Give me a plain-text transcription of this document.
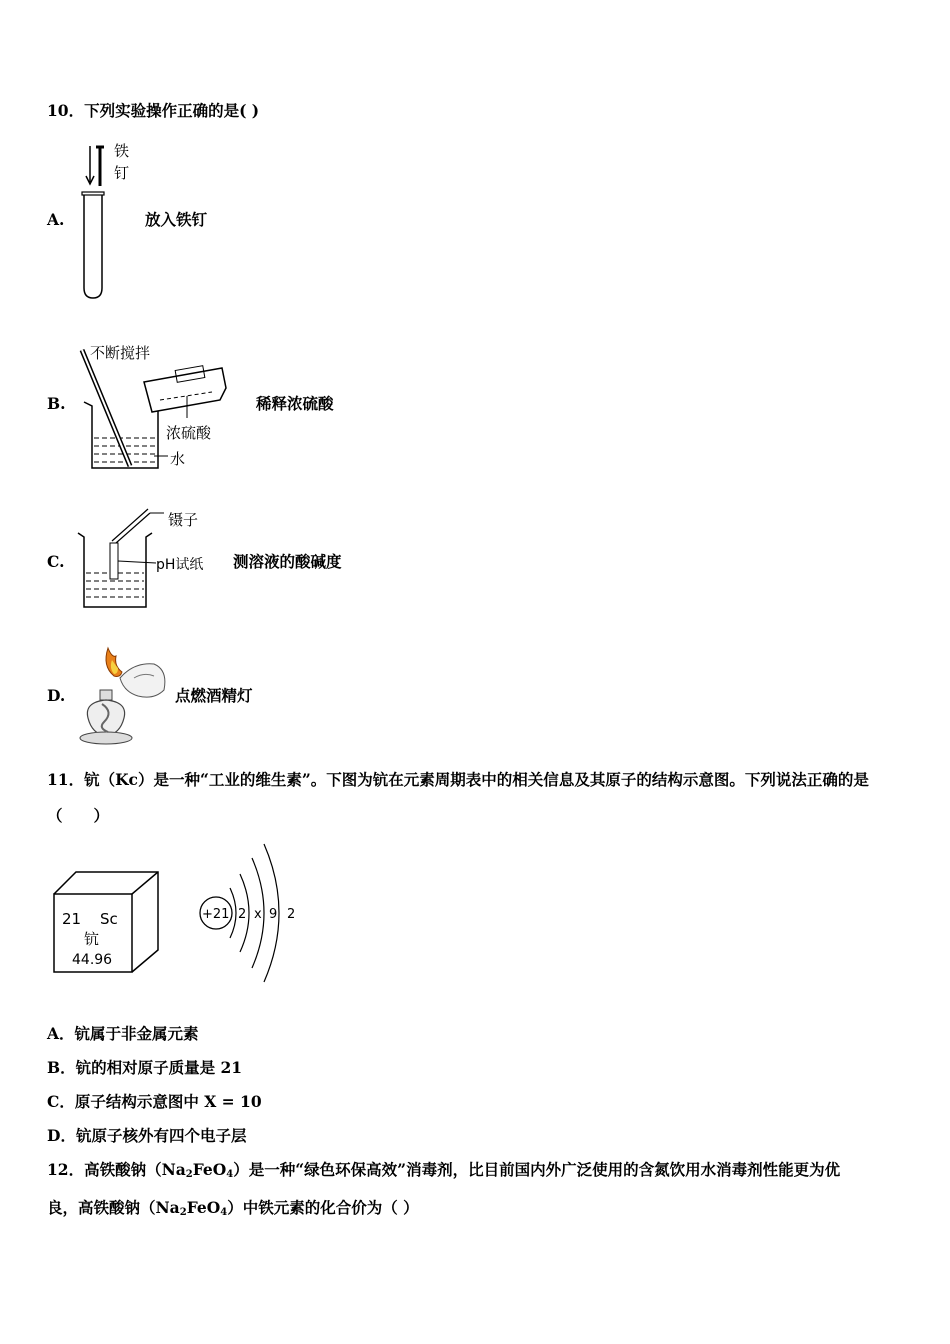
10．下列实验操作正确的是( )
A.
铁
钉
放入铁钉
B.
不断搅拌
浓硫酸
水
稀释浓硫酸
C.
镊子
pH试纸 测溶液的酸碱度
D.	点燃酒精灯
11．钪（Kc）是一种“工业的维生素”。下图为钪在元素周期表中的相关信息及其原子的结构示意图。下列说法正确的是
（　　）
21 Sc
钪
44.96
+21 2 x 9 2
A．钪属于非金属元素
B．钪的相对原子质量是 21
C．原子结构示意图中 X = 10
D．钪原子核外有四个电子层
12．高铁酸钠$(Na_2FeO_4)$是一种“绿色环保高效”消毒剂，比目前国内外广泛使用的含氮饮用水消毒剂性能更为优
良，高铁酸钠$(Na_2FeO_4)$中铁元素的化合价为（ ）
